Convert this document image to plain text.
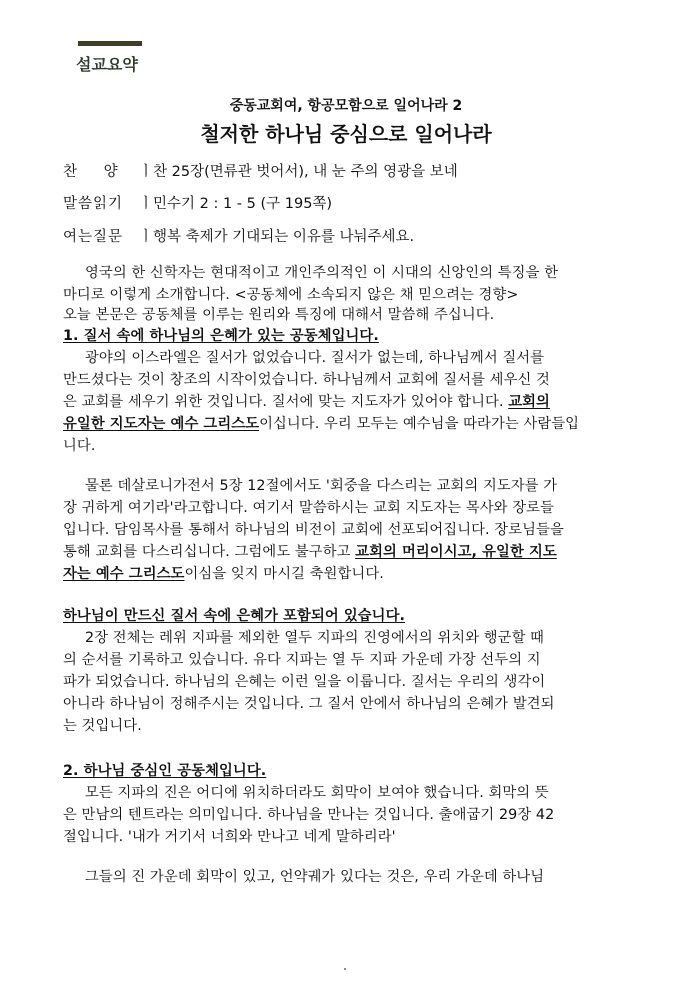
설교요약
중동교회여, 항공모함으로 일어나라 2
철저한 하나님 중심으로 일어나라
찬 양 ㅣ찬 25장(면류관 벗어서), 내 눈 주의 영광을 보네
말씀읽기 ㅣ민수기 2 : 1 - 5 (구 195쪽)
여는질문 ㅣ행복 축제가 기대되는 이유를 나눠주세요.
영국의 한 신학자는 현대적이고 개인주의적인 이 시대의 신앙인의 특징을 한
마디로 이렇게 소개합니다. <공동체에 소속되지 않은 채 믿으려는 경향>
오늘 본문은 공동체를 이루는 원리와 특징에 대해서 말씀해 주십니다.
1. 질서 속에 하나님의 은혜가 있는 공동체입니다.
광야의 이스라엘은 질서가 없었습니다. 질서가 없는데, 하나님께서 질서를
만드셨다는 것이 창조의 시작이었습니다. 하나님께서 교회에 질서를 세우신 것
은 교회를 세우기 위한 것입니다. 질서에 맞는 지도자가 있어야 합니다. 교회의
유일한 지도자는 예수 그리스도이십니다. 우리 모두는 예수님을 따라가는 사람들입
니다.
물론 데살로니가전서 5장 12절에서도 '회중을 다스리는 교회의 지도자를 가
장 귀하게 여기라'라고합니다. 여기서 말씀하시는 교회 지도자는 목사와 장로들
입니다. 담임목사를 통해서 하나님의 비전이 교회에 선포되어집니다. 장로님들을
통해 교회를 다스리십니다. 그럼에도 불구하고 교회의 머리이시고, 유일한 지도
자는 예수 그리스도이심을 잊지 마시길 축원합니다.
하나님이 만드신 질서 속에 은혜가 포함되어 있습니다.
2장 전체는 레위 지파를 제외한 열두 지파의 진영에서의 위치와 행군할 때
의 순서를 기록하고 있습니다. 유다 지파는 열 두 지파 가운데 가장 선두의 지
파가 되었습니다. 하나님의 은혜는 이런 일을 이룹니다. 질서는 우리의 생각이
아니라 하나님이 정해주시는 것입니다. 그 질서 안에서 하나님의 은혜가 발견되
는 것입니다.
2. 하나님 중심인 공동체입니다.
모든 지파의 진은 어디에 위치하더라도 회막이 보여야 했습니다. 회막의 뜻
은 만남의 텐트라는 의미입니다. 하나님을 만나는 것입니다. 출애굽기 29장 42
절입니다. '내가 거기서 너희와 만나고 네게 말하리라'
그들의 진 가운데 회막이 있고, 언약궤가 있다는 것은, 우리 가운데 하나님
